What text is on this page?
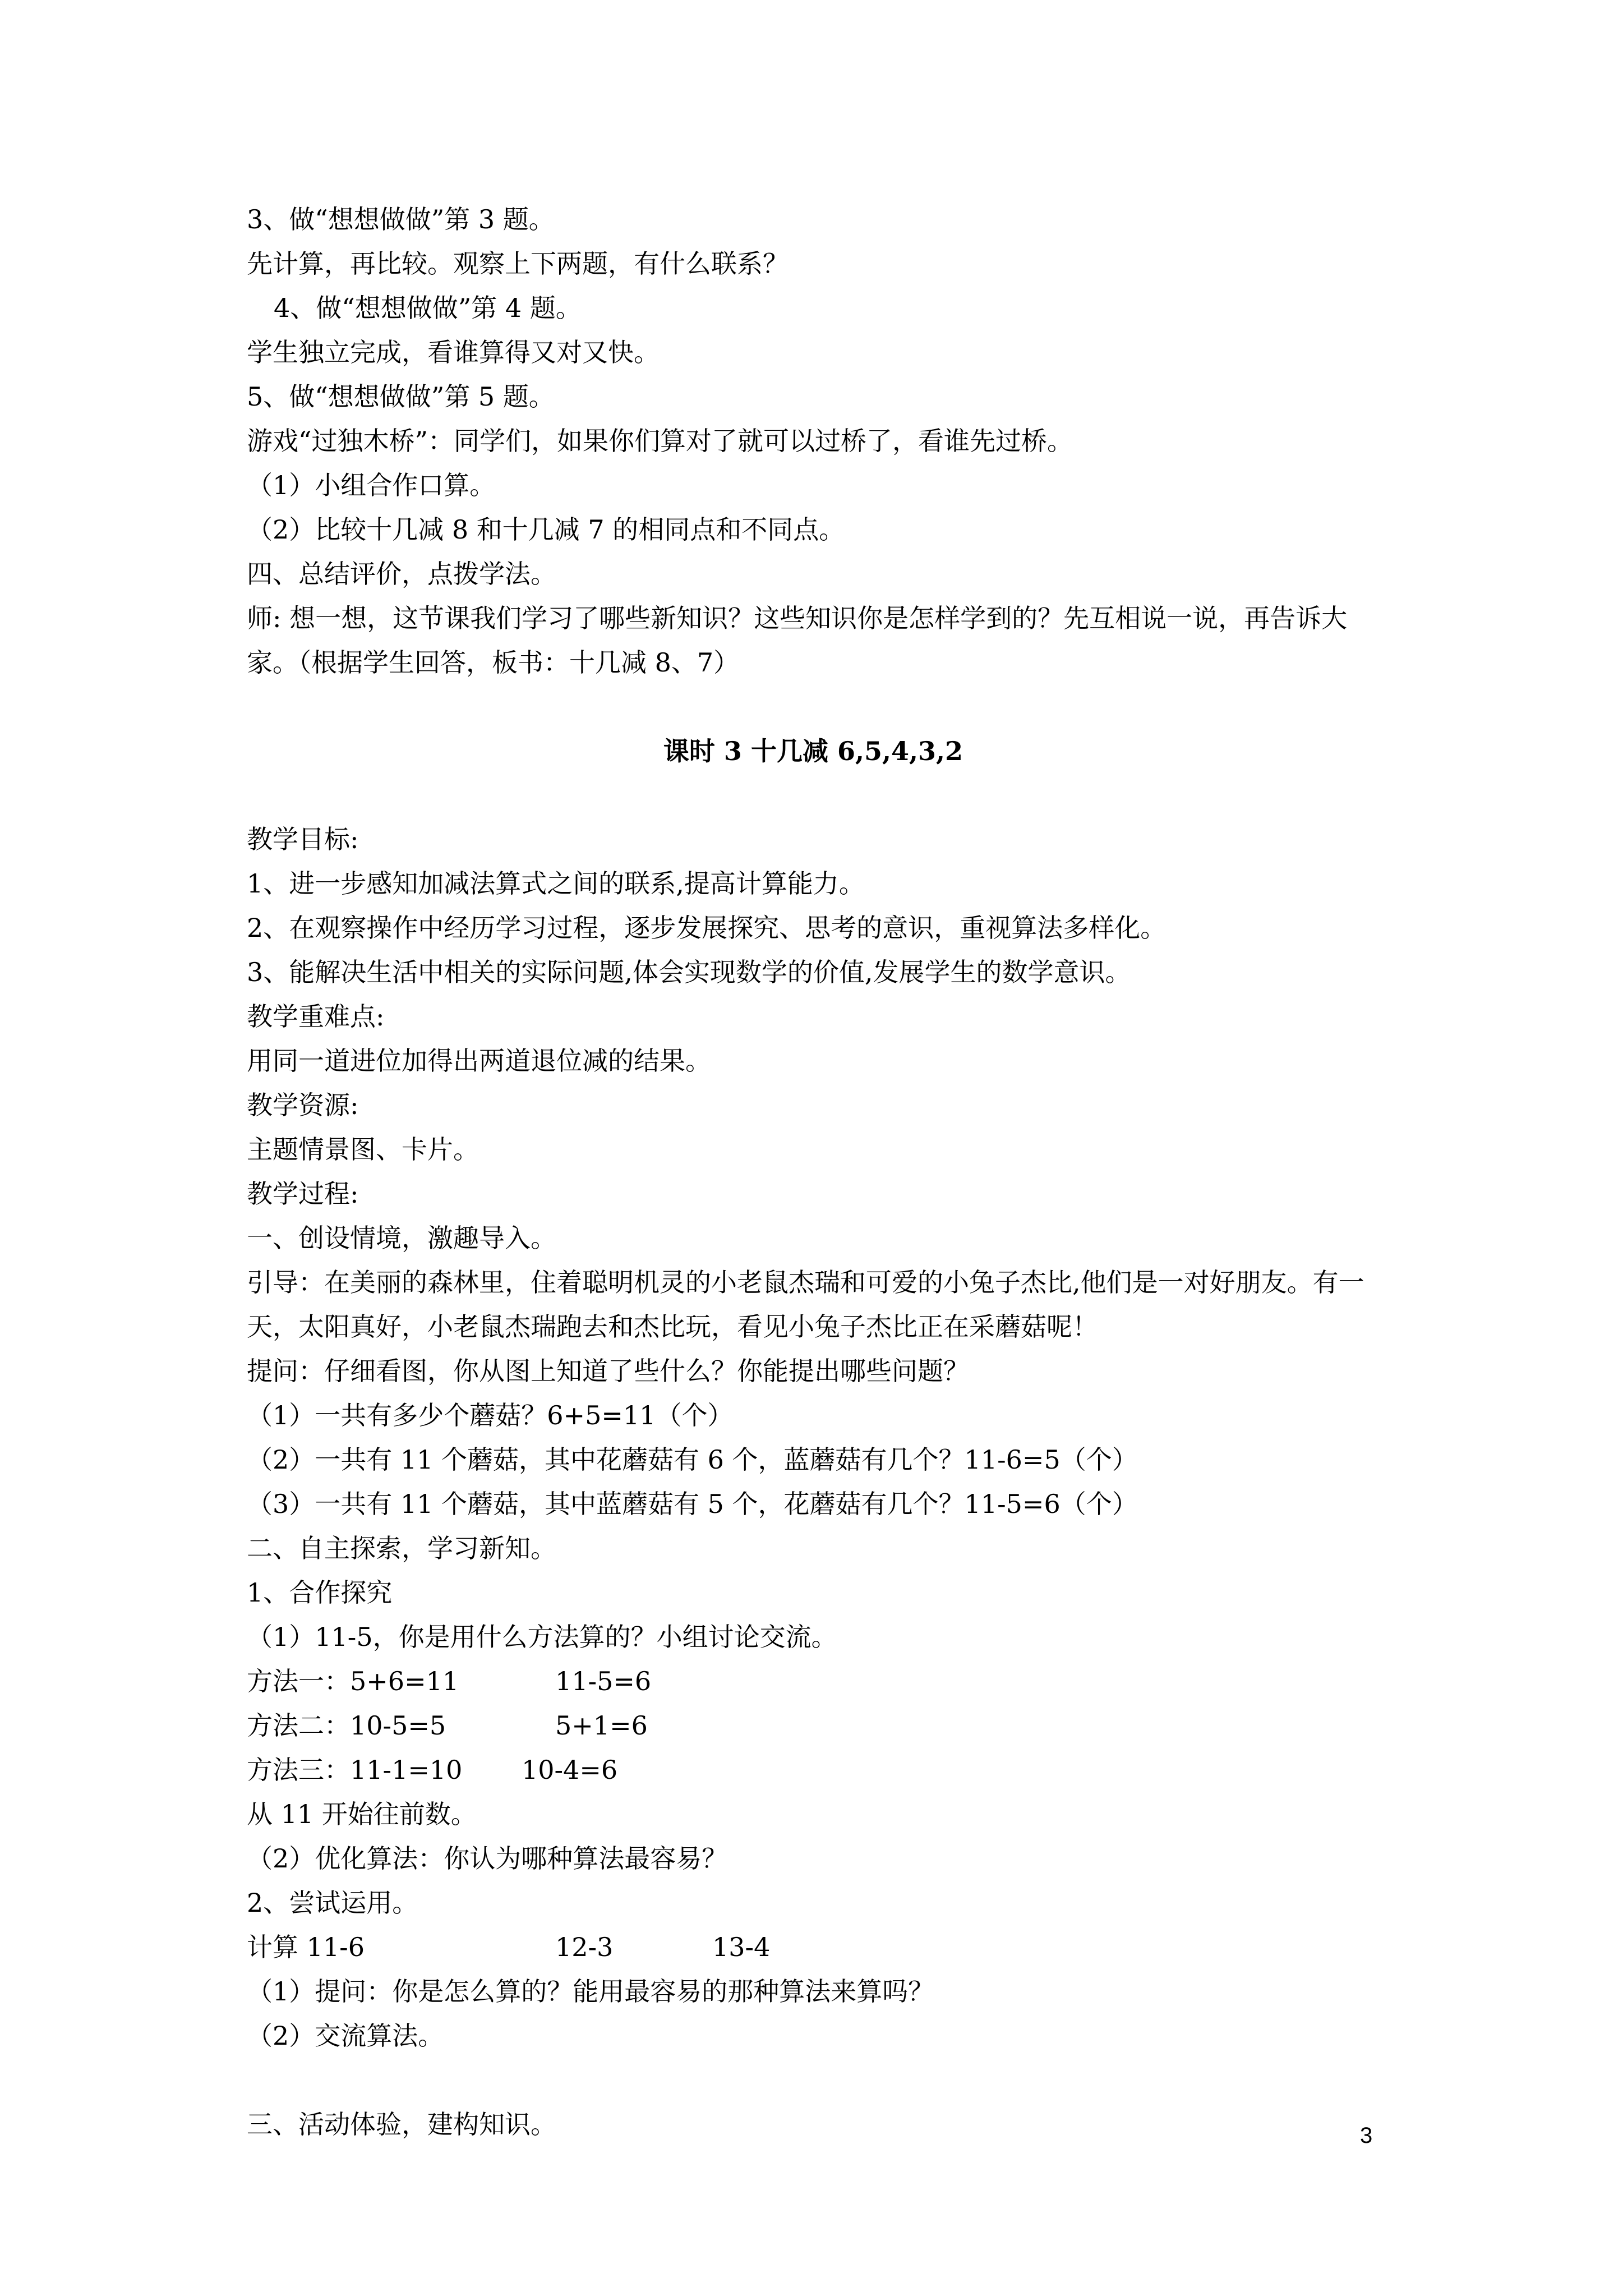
3、做“想想做做”第 3 题。
先计算，再比较。观察上下两题，有什么联系？
4、做“想想做做”第 4 题。
学生独立完成，看谁算得又对又快。
5、做“想想做做”第 5 题。
游戏“过独木桥”：同学们，如果你们算对了就可以过桥了，看谁先过桥。
（1）小组合作口算。
（2）比较十几减 8 和十几减 7 的相同点和不同点。
四、总结评价，点拨学法。
师: 想一想，这节课我们学习了哪些新知识？这些知识你是怎样学到的？先互相说一说，再告诉大家。（根据学生回答，板书：十几减 8、7）
课时 3 十几减 6,5,4,3,2
教学目标:
1、进一步感知加减法算式之间的联系,提高计算能力。
2、在观察操作中经历学习过程，逐步发展探究、思考的意识，重视算法多样化。
3、能解决生活中相关的实际问题,体会实现数学的价值,发展学生的数学意识。
教学重难点:
用同一道进位加得出两道退位减的结果。
教学资源:
主题情景图、卡片。
教学过程:
一、创设情境，激趣导入。
引导：在美丽的森林里，住着聪明机灵的小老鼠杰瑞和可爱的小兔子杰比,他们是一对好朋友。有一天，太阳真好，小老鼠杰瑞跑去和杰比玩，看见小兔子杰比正在采蘑菇呢！
提问：仔细看图，你从图上知道了些什么？你能提出哪些问题？
（1）一共有多少个蘑菇？6+5=11（个）
（2）一共有 11 个蘑菇，其中花蘑菇有 6 个，蓝蘑菇有几个？11-6=5（个）
（3）一共有 11 个蘑菇，其中蓝蘑菇有 5 个，花蘑菇有几个？11-5=6（个）
二、自主探索，学习新知。
1、合作探究
（1）11-5，你是用什么方法算的？小组讨论交流。
方法一：5+6=11	11-5=6
方法二：10-5=5	5+1=6
方法三：11-1=10	10-4=6
从 11 开始往前数。
（2）优化算法：你认为哪种算法最容易？
2、尝试运用。
计算 11-6	12-3	13-4
（1）提问：你是怎么算的？能用最容易的那种算法来算吗？
（2）交流算法。
三、活动体验，建构知识。	3
